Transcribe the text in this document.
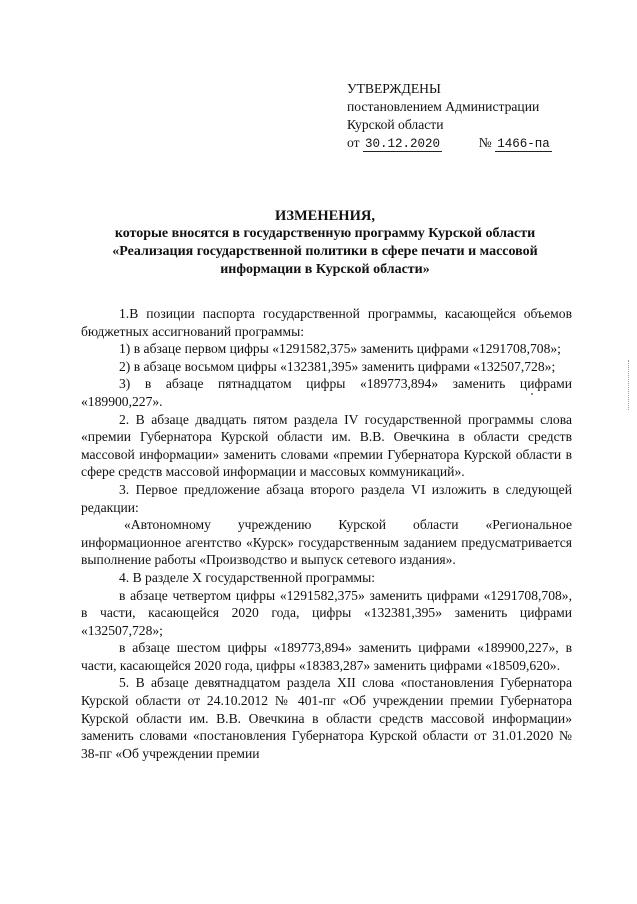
УТВЕРЖДЕНЫ
постановлением Администрации
Курской области
от 30.12.2020	№ 1466-па
ИЗМЕНЕНИЯ,
которые вносятся в государственную программу Курской области
«Реализация государственной политики в сфере печати и массовой
информации в Курской области»

1.В позиции паспорта государственной программы, касающейся объемов бюджетных ассигнований программы:

1) в абзаце первом цифры «1291582,375» заменить цифрами «1291708,708»;

2) в абзаце восьмом цифры «132381,395» заменить цифрами «132507,728»;

3) в абзаце пятнадцатом цифры «189773,894» заменить цифрами «189900,227».

2. В абзаце двадцать пятом раздела IV государственной программы слова «премии Губернатора Курской области им. В.В. Овечкина в области средств массовой информации» заменить словами «премии Губернатора Курской области в сфере средств массовой информации и массовых коммуникаций».

3. Первое предложение абзаца второго раздела VI изложить в следующей редакции:

«Автономному учреждению Курской области «Региональное информационное агентство «Курск» государственным заданием предусматривается выполнение работы «Производство и выпуск сетевого издания».

4. В разделе X государственной программы:

в абзаце четвертом цифры «1291582,375» заменить цифрами «1291708,708», в части, касающейся 2020 года, цифры «132381,395» заменить цифрами «132507,728»;

в абзаце шестом цифры «189773,894» заменить цифрами «189900,227», в части, касающейся 2020 года, цифры «18383,287» заменить цифрами «18509,620».

5. В абзаце девятнадцатом раздела XII слова «постановления Губернатора Курской области от 24.10.2012 № 401-пг «Об учреждении премии Губернатора Курской области им. В.В. Овечкина в области средств массовой информации» заменить словами «постановления Губернатора Курской области от 31.01.2020 № 38-пг «Об учреждении премии
